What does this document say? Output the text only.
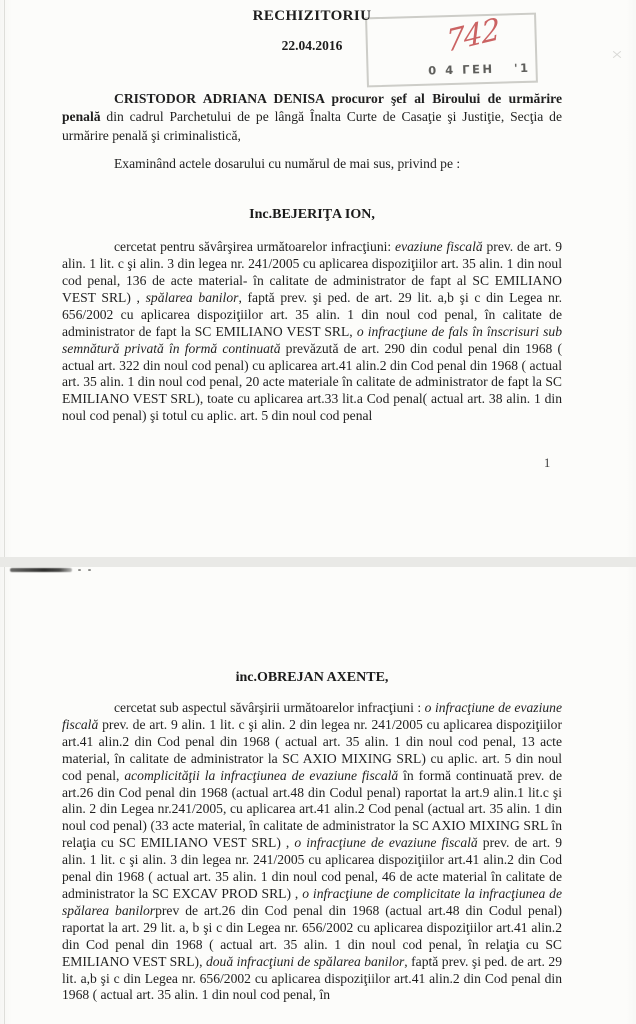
742
0 4 ГЕН   '1
RECHIZITORIU
22.04.2016

CRISTODOR ADRIANA DENISA procuror şef al Biroului de urmărire penală din cadrul Parchetului de pe lângă Înalta Curte de Casaţie şi Justiţie, Secţia de urmărire penală şi criminalistică,

Examinând actele dosarului cu numărul de mai sus, privind pe :

Inc.BEJERIŢA ION,

cercetat pentru săvârşirea următoarelor infracţiuni: evaziune fiscală prev. de art. 9 alin. 1 lit. c şi alin. 3 din legea nr. 241/2005 cu aplicarea dispoziţiilor art. 35 alin. 1 din noul cod penal, 136 de acte material- în calitate de administrator de fapt al SC EMILIANO VEST SRL) , spălarea banilor, faptă prev. şi ped. de art. 29 lit. a,b şi c din Legea nr. 656/2002 cu aplicarea dispoziţiilor art. 35 alin. 1 din noul cod penal, în calitate de administrator de fapt la SC EMILIANO VEST SRL, o infracţiune de fals în înscrisuri sub semnătură privată în formă continuată prevăzută de art. 290 din codul penal din 1968 ( actual art. 322 din noul cod penal) cu aplicarea art.41 alin.2 din Cod penal din 1968 ( actual art. 35 alin. 1 din noul cod penal, 20 acte materiale în calitate de administrator de fapt la SC EMILIANO VEST SRL), toate cu aplicarea art.33 lit.a Cod penal( actual art. 38 alin. 1 din noul cod penal) şi totul cu aplic. art. 5 din noul cod penal

1
inc.OBREJAN AXENTE,

cercetat sub aspectul săvârşirii următoarelor infracţiuni : o infracţiune de evaziune fiscală prev. de art. 9 alin. 1 lit. c şi alin. 2 din legea nr. 241/2005 cu aplicarea dispoziţiilor art.41 alin.2 din Cod penal din 1968 ( actual art. 35 alin. 1 din noul cod penal, 13 acte material, în calitate de administrator la SC AXIO MIXING SRL) cu aplic. art. 5 din noul cod penal, acomplicităţii la infracţiunea de evaziune fiscală în formă continuată prev. de art.26 din Cod penal din 1968 (actual art.48 din Codul penal) raportat la art.9 alin.1 lit.c şi alin. 2 din Legea nr.241/2005, cu aplicarea art.41 alin.2 Cod penal (actual art. 35 alin. 1 din noul cod penal) (33 acte material, în calitate de administrator la SC AXIO MIXING SRL în relaţia cu SC EMILIANO VEST SRL) , o infracţiune de evaziune fiscală prev. de art. 9 alin. 1 lit. c şi alin. 3 din legea nr. 241/2005 cu aplicarea dispoziţiilor art.41 alin.2 din Cod penal din 1968 ( actual art. 35 alin. 1 din noul cod penal, 46 de acte material în calitate de administrator la SC EXCAV PROD SRL) , o infracţiune de complicitate la infracţiunea de spălarea banilorprev de art.26 din Cod penal din 1968 (actual art.48 din Codul penal) raportat la art. 29 lit. a, b şi c din Legea nr. 656/2002 cu aplicarea dispoziţiilor art.41 alin.2 din Cod penal din 1968 ( actual art. 35 alin. 1 din noul cod penal, în relaţia cu SC EMILIANO VEST SRL), două infracţiuni de spălarea banilor, faptă prev. şi ped. de art. 29 lit. a,b şi c din Legea nr. 656/2002 cu aplicarea dispoziţiilor art.41 alin.2 din Cod penal din 1968 ( actual art. 35 alin. 1 din noul cod penal, în
